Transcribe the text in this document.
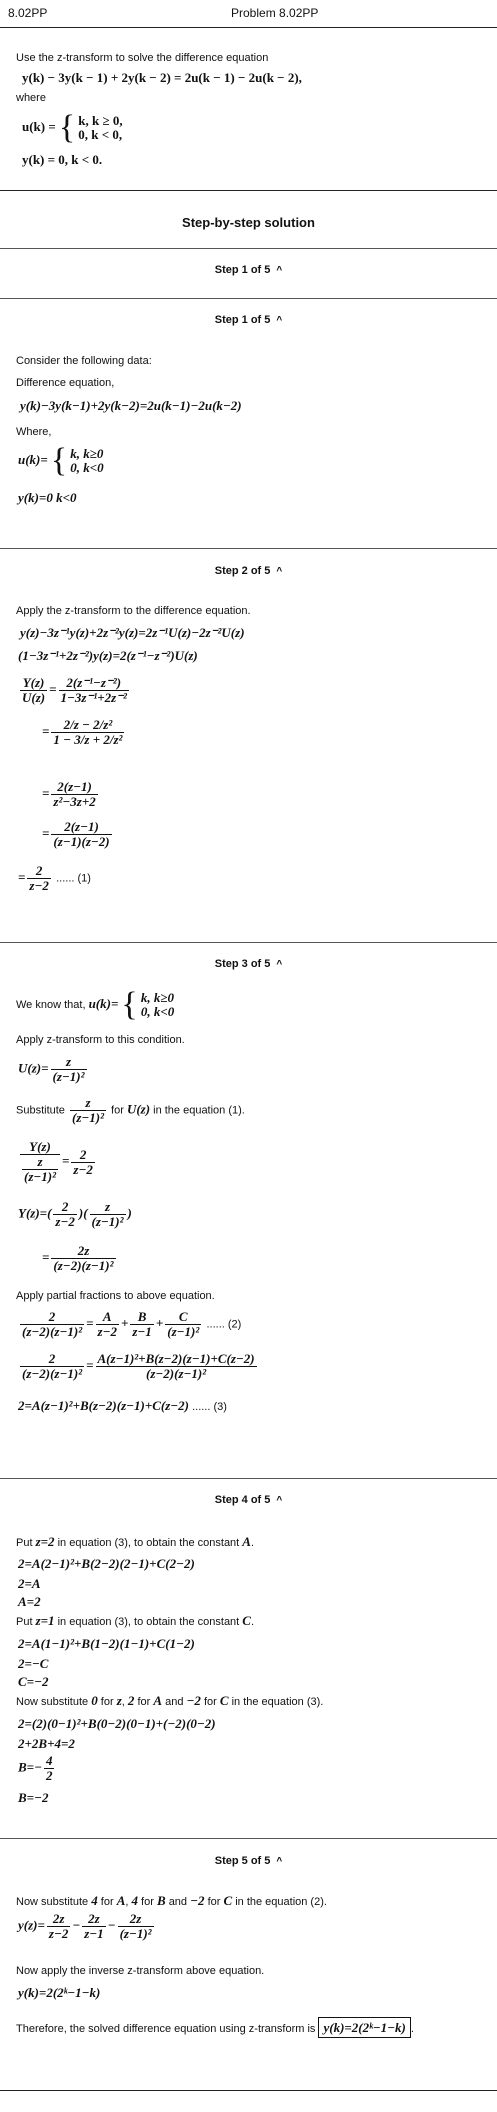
8.02PP	Problem 8.02PP
Use the z-transform to solve the difference equation
y(k) − 3y(k − 1) + 2y(k − 2) = 2u(k − 1) − 2u(k − 2),
where
u(k) = { k, k ≥ 0,
0, k < 0,
y(k) = 0, k < 0.
Step-by-step solution
Step 1 of 5 ^
Step 1 of 5 ^
Consider the following data:
Difference equation,
y(k)−3y(k−1)+2y(k−2)=2u(k−1)−2u(k−2)
Where,
u(k)= { k, k≥0
0, k<0
y(k)=0 k<0
Step 2 of 5 ^
Apply the z-transform to the difference equation.
y(z)−3z⁻¹y(z)+2z⁻²y(z)=2z⁻¹U(z)−2z⁻²U(z)
(1−3z⁻¹+2z⁻²)y(z)=2(z⁻¹−z⁻²)U(z)
$\frac{Y(z)}{U(z)} = \frac{\text{2(z⁻¹−z⁻²)}}{\text{1−3z⁻¹+2z⁻²}}$
= $\frac{\text{2/z − 2/z²}}{\text{1 − 3/z + 2/z²}}$
= $\frac{2(z-1)}{\text{z²−3z+2}}$
= $\frac{2(z-1)}{(z-1)(z-2)}$
= $\frac{2}{z-2}$ ...... (1)
Step 3 of 5 ^
We know that, u(k)= { k, k≥0
0, k<0
Apply z-transform to this condition.
$U(z)= \frac{z}{\text{(z−1)²}}$
Substitute $\frac{z}{\text{(z−1)²}}$ for U(z) in the equation (1).
$\frac{Y(z)}{\frac{z}{\text{(z−1)²}}} = \frac{2}{z-2}$
$Y(z)=( \frac{2}{z-2}$ )( $\frac{z}{\text{(z−1)²}}$ )
= $\frac{2z}{\text{(z−2)(z−1)²}}$
Apply partial fractions to above equation.
$\frac{2}{\text{(z−2)(z−1)²}} = \frac{A}{z-2} + \frac{B}{z-1} + \frac{C}{\text{(z−1)²}}$ ...... (2)
$\frac{2}{\text{(z−2)(z−1)²}} = \frac{\text{A(z−1)²+B(z−2)(z−1)+C(z−2)}}{\text{(z−2)(z−1)²}}$
2=A(z−1)²+B(z−2)(z−1)+C(z−2) ...... (3)
Step 4 of 5 ^
Put z=2 in equation (3), to obtain the constant A.
2=A(2−1)²+B(2−2)(2−1)+C(2−2)
2=A
A=2
Put z=1 in equation (3), to obtain the constant C.
2=A(1−1)²+B(1−2)(1−1)+C(1−2)
2=−C
C=−2
Now substitute 0 for z, 2 for A and −2 for C in the equation (3).
2=(2)(0−1)²+B(0−2)(0−1)+(−2)(0−2)
2+2B+4=2
$B=- \frac{4}{2}$
B=−2
Step 5 of 5 ^
Now substitute 4 for A, 4 for B and −2 for C in the equation (2).
$y(z)= \frac{2z}{z-2} - \frac{2z}{z-1} - \frac{2z}{\text{(z−1)²}}$
Now apply the inverse z-transform above equation.
y(k)=2(2ᵏ−1−k)
Therefore, the solved difference equation using z-transform is y(k)=2(2ᵏ−1−k) .
